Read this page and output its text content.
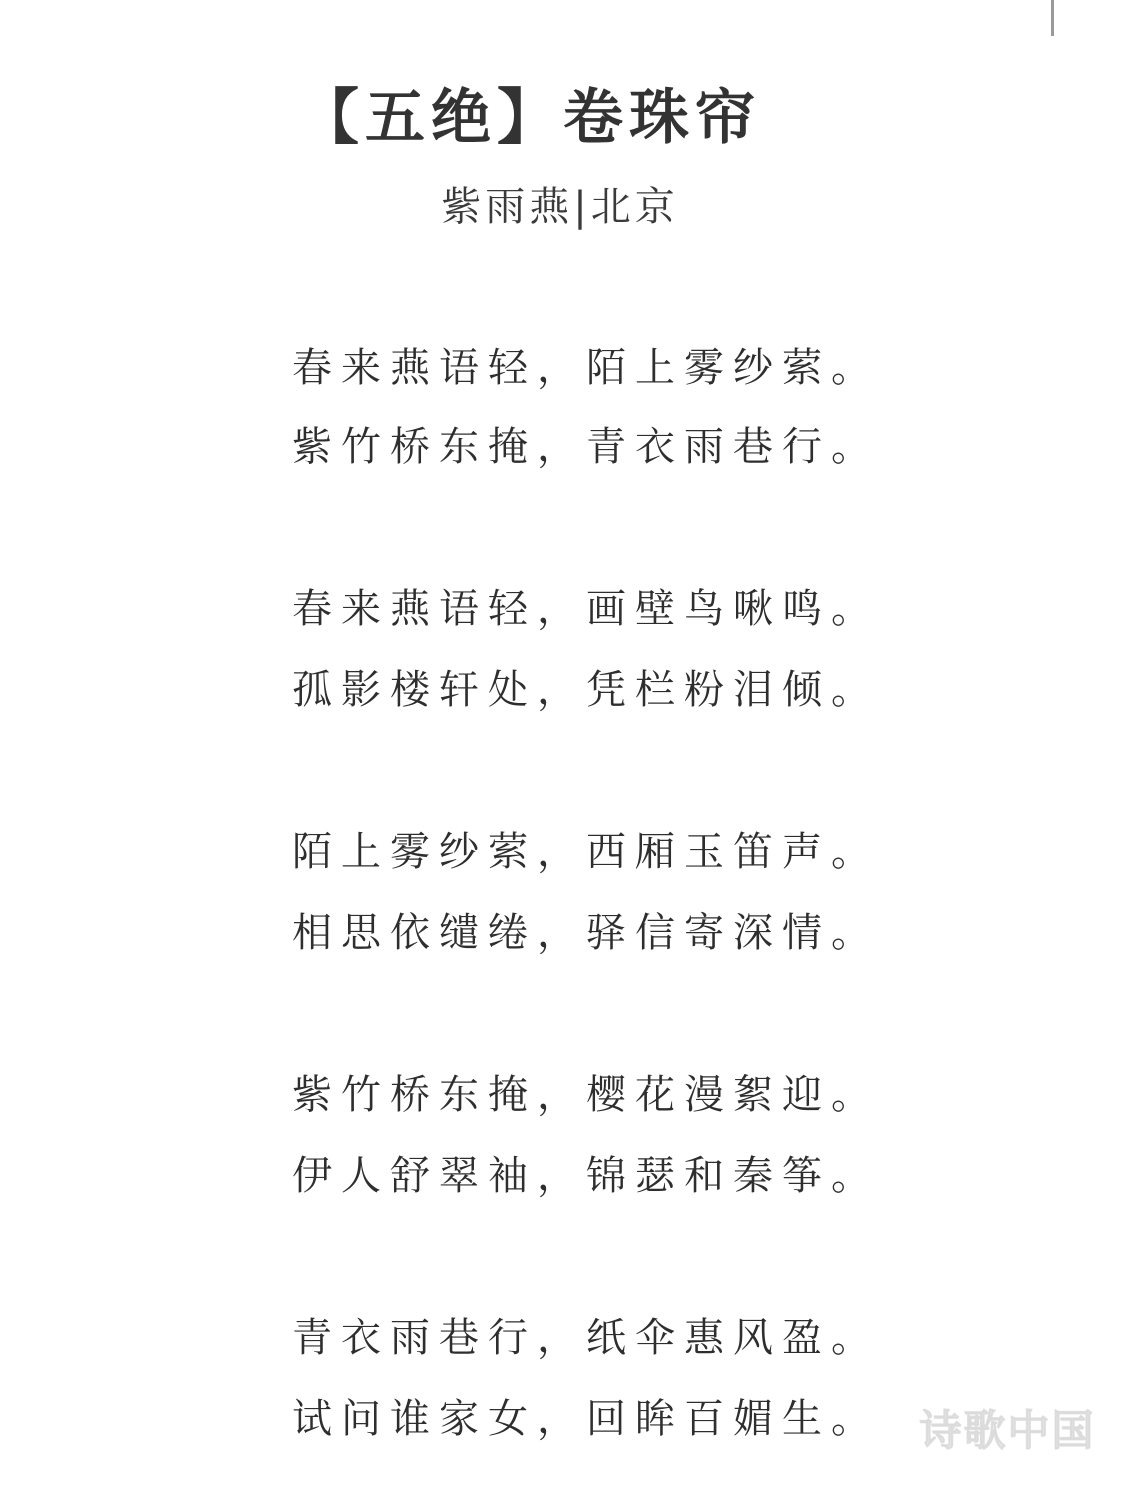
【五绝】卷珠帘
紫雨燕|北京
春来燕语轻，陌上雾纱萦。
紫竹桥东掩，青衣雨巷行。
春来燕语轻，画壁鸟啾鸣。
孤影楼轩处，凭栏粉泪倾。
陌上雾纱萦，西厢玉笛声。
相思依缱绻，驿信寄深情。
紫竹桥东掩，樱花漫絮迎。
伊人舒翠袖，锦瑟和秦筝。
青衣雨巷行，纸伞惠风盈。
试问谁家女，回眸百媚生。 诗歌中国
